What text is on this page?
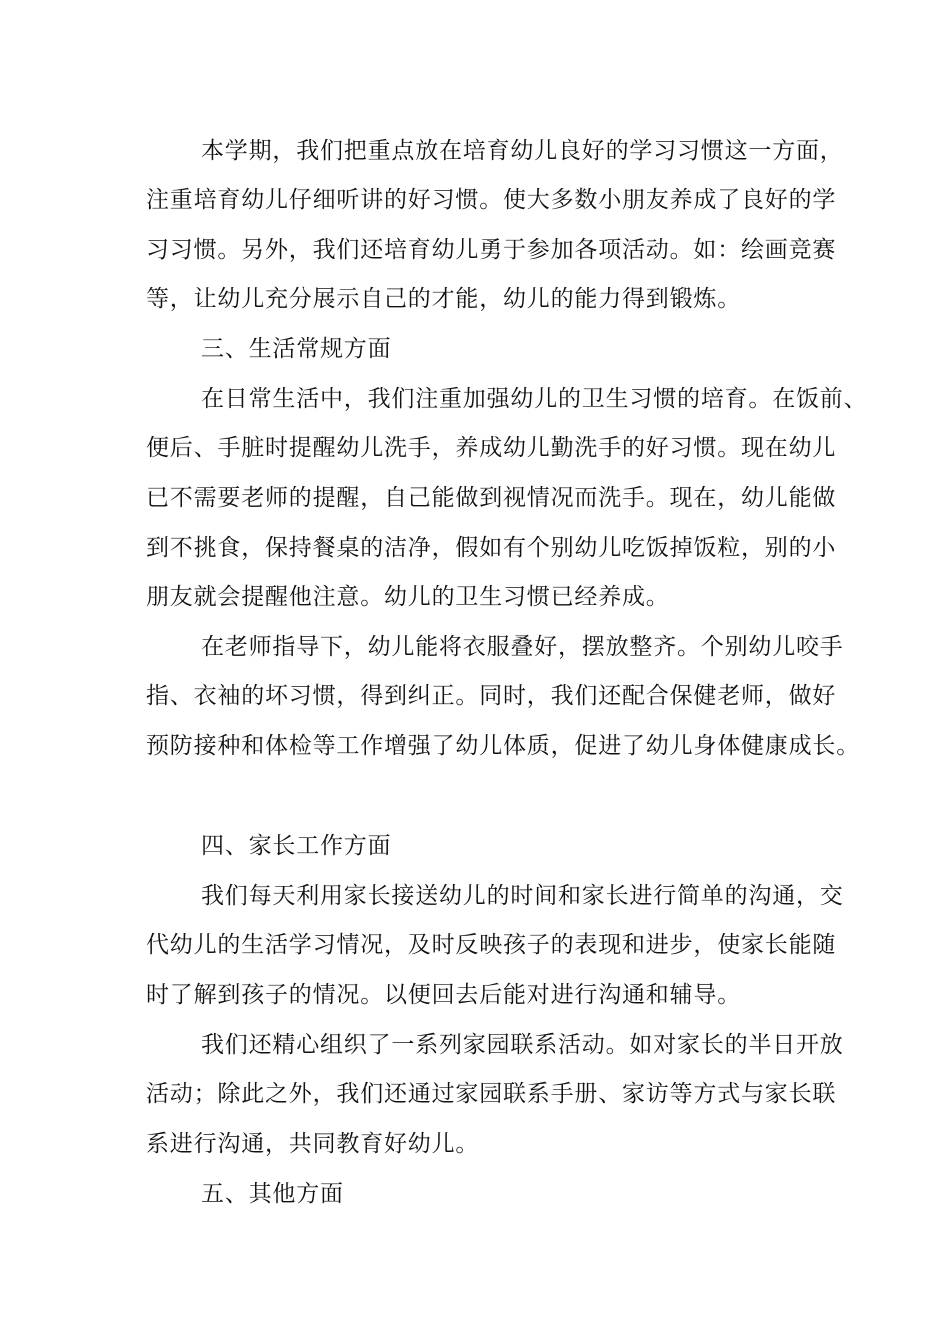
本学期，我们把重点放在培育幼儿良好的学习习惯这一方面，
注重培育幼儿仔细听讲的好习惯。使大多数小朋友养成了良好的学
习习惯。另外，我们还培育幼儿勇于参加各项活动。如：绘画竞赛
等，让幼儿充分展示自己的才能，幼儿的能力得到锻炼。
三、生活常规方面
在日常生活中，我们注重加强幼儿的卫生习惯的培育。在饭前、
便后、手脏时提醒幼儿洗手，养成幼儿勤洗手的好习惯。现在幼儿
已不需要老师的提醒，自己能做到视情况而洗手。现在，幼儿能做
到不挑食，保持餐桌的洁净，假如有个别幼儿吃饭掉饭粒，别的小
朋友就会提醒他注意。幼儿的卫生习惯已经养成。
在老师指导下，幼儿能将衣服叠好，摆放整齐。个别幼儿咬手
指、衣袖的坏习惯，得到纠正。同时，我们还配合保健老师，做好
预防接种和体检等工作增强了幼儿体质，促进了幼儿身体健康成长。
四、家长工作方面
我们每天利用家长接送幼儿的时间和家长进行简单的沟通，交
代幼儿的生活学习情况，及时反映孩子的表现和进步，使家长能随
时了解到孩子的情况。以便回去后能对进行沟通和辅导。
我们还精心组织了一系列家园联系活动。如对家长的半日开放
活动；除此之外，我们还通过家园联系手册、家访等方式与家长联
系进行沟通，共同教育好幼儿。
五、其他方面
